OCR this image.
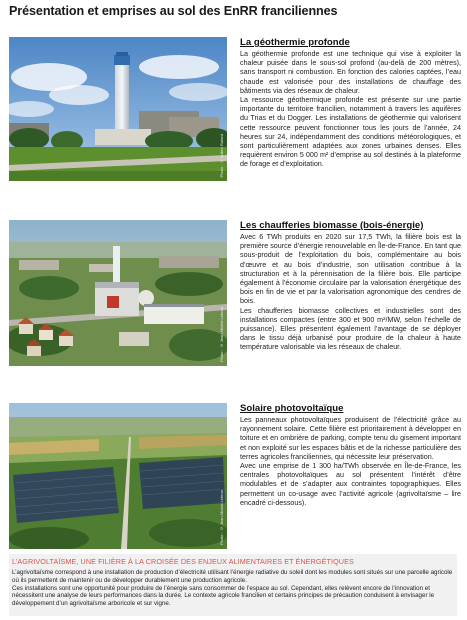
Présentation et emprises au sol des EnRR franciliennes
Photo : © Julien Rutard
La géothermie profonde

La géothermie profonde est une technique qui vise à exploiter la chaleur puisée dans le sous-sol profond (au-delà de 200 mètres), sans transport ni combustion. En fonction des calories captées, l’eau chaude est valorisée pour des installations de chauffage des bâtiments via des réseaux de chaleur.

La ressource géothermique profonde est présente sur une partie importante du territoire francilien, notamment à travers les aquifères du Trias et du Dogger. Les installations de géothermie qui valorisent cette ressource peuvent fonctionner tous les jours de l’année, 24 heures sur 24, indépendamment des conditions météorologiques, et sont particulièrement adaptées aux zones urbaines denses. Elles requièrent environ 5 000 m² d’emprise au sol destinés à la plateforme de forage et d’exploitation.

Photo : © Jean-Michel Lebrun
Les chaufferies biomasse (bois-énergie)

Avec 6 TWh produits en 2020 sur 17,5 TWh, la filière bois est la première source d’énergie renouvelable en Île-de-France. En tant que sous-produit de l’exploitation du bois, complémentaire au bois d’œuvre et au bois d’industrie, son utilisation contribue à la structuration et à la pérennisation de la filière bois. Elle participe également à l’économie circulaire par la valorisation énergétique des bois en fin de vie et par la valorisation agronomique des cendres de bois.

Les chaufferies biomasse collectives et industrielles sont des installations compactes (entre 300 et 900 m²/MW, selon l’échelle de puissance). Elles présentent également l’avantage de se déployer dans le tissu déjà urbanisé pour produire de la chaleur à haute température valorisable via les réseaux de chaleur.

Photo : © Jean-Michel Lebrun
Solaire photovoltaïque

Les panneaux photovoltaïques produisent de l’électricité grâce au rayonnement solaire. Cette filière est prioritairement à développer en toiture et en ombrière de parking, compte tenu du gisement important et non exploité sur les espaces bâtis et de la richesse particulière des terres agricoles franciliennes, qui nécessite leur préservation.

Avec une emprise de 1 300 ha/TWh observée en Île-de-France, les centrales photovoltaïques au sol présentent l’intérêt d’être modulables et de s’adapter aux contraintes topographiques. Elles permettent un co-usage avec l’activité agricole (agrivoltaïsme – lire encadré ci-dessous).

L’AGRIVOLTAÏSME, UNE FILIÈRE À LA CROISÉE DES ENJEUX ALIMENTAIRES ET ÉNERGÉTIQUES

L’agrivoltaïsme correspond à une installation de production d’électricité utilisant l’énergie radiative du soleil dont les modules sont situés sur une parcelle agricole où ils permettent de maintenir ou de développer durablement une production agricole.

Ces installations sont une opportunité pour produire de l’énergie sans consommer de l’espace au sol. Cependant, elles relèvent encore de l’innovation et nécessitent une analyse de leurs performances dans la durée. Le contexte agricole francilien et certains principes de précaution conduisent à envisager le développement d’un agrivoltaïsme arboricole et sur vigne.
